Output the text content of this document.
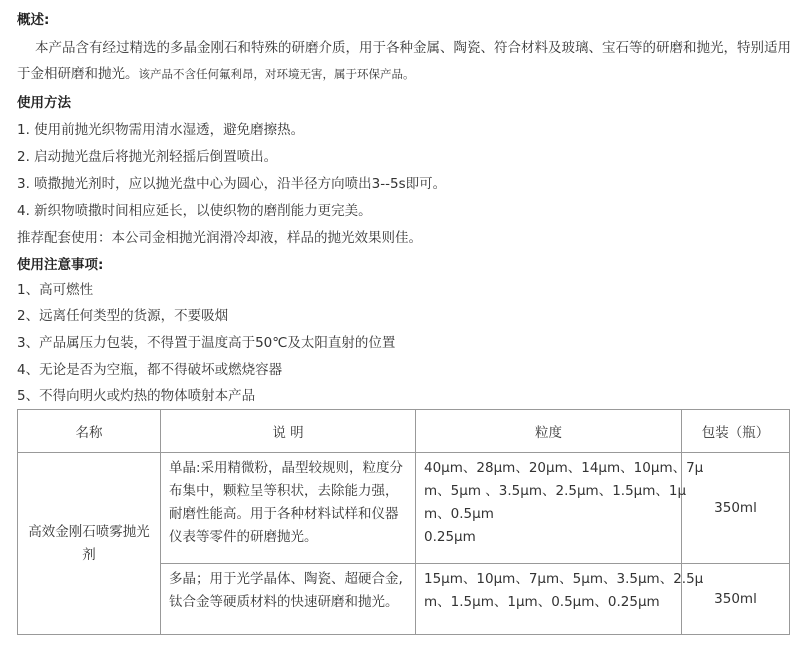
概述:
本产品含有经过精选的多晶金刚石和特殊的研磨介质，用于各种金属、陶瓷、符合材料及玻璃、宝石等的研磨和抛光，特别适用
于金相研磨和抛光。该产品不含任何氟利昂，对环境无害，属于环保产品。
使用方法
1. 使用前抛光织物需用清水湿透，避免磨擦热。
2. 启动抛光盘后将抛光剂轻摇后倒置喷出。
3. 喷撒抛光剂时，应以抛光盘中心为圆心，沿半径方向喷出3--5s即可。
4. 新织物喷撒时间相应延长，以使织物的磨削能力更完美。
推荐配套使用：本公司金相抛光润滑冷却液，样品的抛光效果则佳。
使用注意事项:
1、高可燃性
2、远离任何类型的货源，不要吸烟
3、产品属压力包装，不得置于温度高于50℃及太阳直射的位置
4、无论是否为空瓶，都不得破坏或燃烧容器
5、不得向明火或灼热的物体喷射本产品
名称	说 明	粒度	包装（瓶）
高效金刚石喷雾抛光剂	单晶:采用精微粉，晶型较规则，粒度分
布集中，颗粒呈等积状，去除能力强，
耐磨性能高。用于各种材料试样和仪器
仪表等零件的研磨抛光。	40μm、28μm、20μm、14μm、10μm、7μ
m、5μm 、3.5μm、2.5μm、1.5μm、1μ
m、0.5μm
0.25μm	350ml

	多晶；用于光学晶体、陶瓷、超硬合金,
钛合金等硬质材料的快速研磨和抛光。	15μm、10μm、7μm、5μm、3.5μm、2.5μ
m、1.5μm、1μm、0.5μm、0.25μm	350ml
